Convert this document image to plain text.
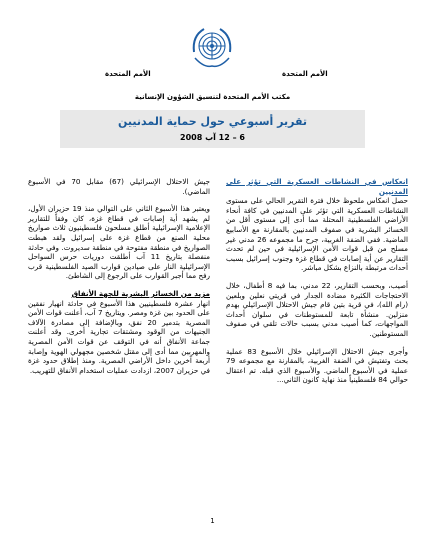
الأمم المتحدة	الأمم المتحدة
مكتب الأمم المتحدة لتنسيق الشؤون الإنسانية
تقرير أسبوعي حول حماية المدنيين
6 – 12 آب 2008

انعكاس في النشاطات العسكرية التي تؤثر على المدنيين
حصل انعكاس ملحوظ خلال فترة التقرير الحالي على مستوى النشاطات العسكرية التي تؤثر على المدنيين في كافة أنحاء الأراضي الفلسطينية المحتلة مما أدى إلى مستوى أقل من الخسائر البشرية في صفوف المدنيين بالمقارنة مع الأسابيع الماضية. ففي الضفة الغربية، جرح ما مجموعه 26 مدني غير مسلح من قبل قوات الأمن الإسرائيلية في حين لم تحدث التقارير عن أية إصابات في قطاع غزة وجنوب إسرائيل بسبب أحداث مرتبطة بالنزاع بشكل مباشر.

أصيب، وبحسب التقارير، 22 مدني، بما فيه 8 أطفال، خلال الاحتجاجات الكثيرة مضادة الجدار في قريتي نعلين وبلعين (رام الله)، في قرية بتين قام جيش الاحتلال الإسرائيلي بهدم منزلين. منشأة تابعة للمستوطنات في سلوان أحداث المواجهات، كما أصيب مدني بسبب حالات تلقي في صفوف المستوطنين.

وأجرى جيش الاحتلال الإسرائيلي خلال الأسبوع 83 عملية بحث وتفتيش في الضفة الغربية، بالمقارنة مع مجموعه 79 عملية في الأسبوع الماضي. والأسبوع الذي قبله. تم اعتقال حوالي 84 فلسطينياً منذ نهاية كانون الثاني...

جيش الاحتلال الإسرائيلي (67) مقابل 70 في الأسبوع الماضي).

ويعتبر هذا الأسبوع الثاني على التوالي منذ 19 حزيران الأول، لم يشهد أية إصابات في قطاع غزة، كان وفقاً للتقارير الإعلامية الإسرائيلية أطلق مسلحون فلسطينيون ثلاث صواريخ محلية الصنع من قطاع غزة على إسرائيل ولقد هبطت الصواريخ في منطقة مفتوحة في منطقة سديروت. وفي حادثة منفصلة بتاريخ 11 آب أطلقت دوريات حرس السواحل الإسرائيلية النار على صيادين قوارب الصيد الفلسطينية قرب رفح مما أجبر القوارب على الرجوع إلى الشاطئ.

مزيد من الخسائر البشرية للجهة الأنفاق
انهار عشرة فلسطينيين هذا الأسبوع في حادثة انهيار نفقين على الحدود بين غزة ومصر. ويتاريخ 7 آب، أعلنت قوات الأمن المصرية بتدمير 20 نفق، وبالإضافة إلى مصادرة الآلاف الجنيهات من الوقود ومشتقات تجارية أخرى. وقد أعلنت جماعة الأنفاق أنه في التوقف عن قوات الأمن المصرية والمهربين مما أدى إلى مقتل شخصين مجهولي الهوية وإصابة أربعة آخرين داخل الأراضي المصرية. ومنذ إطلاق حدود غزة في حزيران 2007، ازدادت عمليات استخدام الأنفاق للتهريب.

1
